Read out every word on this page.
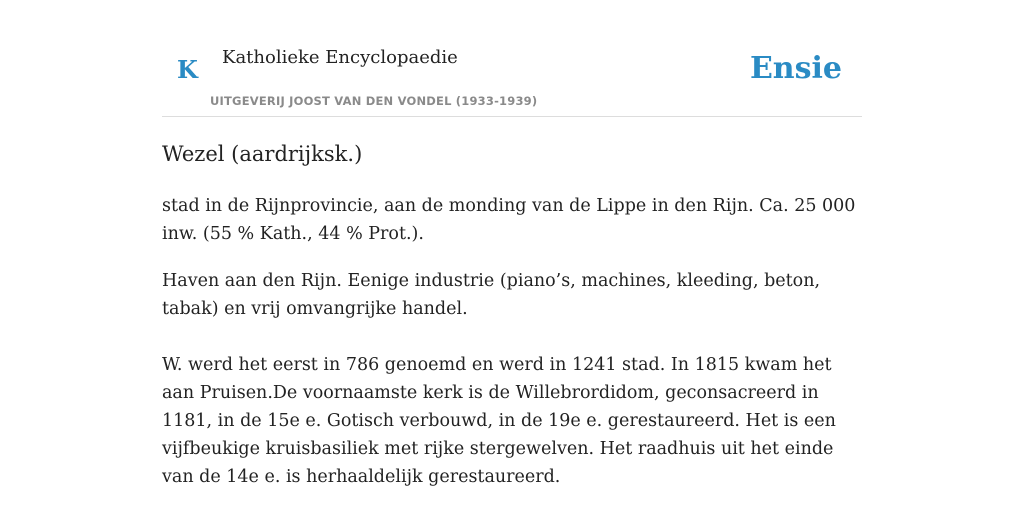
K Katholieke Encyclopaedie
UITGEVERIJ JOOST VAN DEN VONDEL (1933-1939)
Ensie
Wezel (aardrijksk.)

stad in de Rijnprovincie, aan de monding van de Lippe in den Rijn. Ca. 25 000 inw. (55 % Kath., 44 % Prot.).

Haven aan den Rijn. Eenige industrie (piano’s, machines, kleeding, beton, tabak) en vrij omvangrijke handel.

W. werd het eerst in 786 genoemd en werd in 1241 stad. In 1815 kwam het aan Pruisen.De voornaamste kerk is de Willebrordidom, geconsacreerd in 1181, in de 15e e. Gotisch verbouwd, in de 19e e. gerestaureerd. Het is een vijfbeukige kruisbasiliek met rijke stergewelven. Het raadhuis uit het einde van de 14e e. is herhaaldelijk gerestaureerd.
